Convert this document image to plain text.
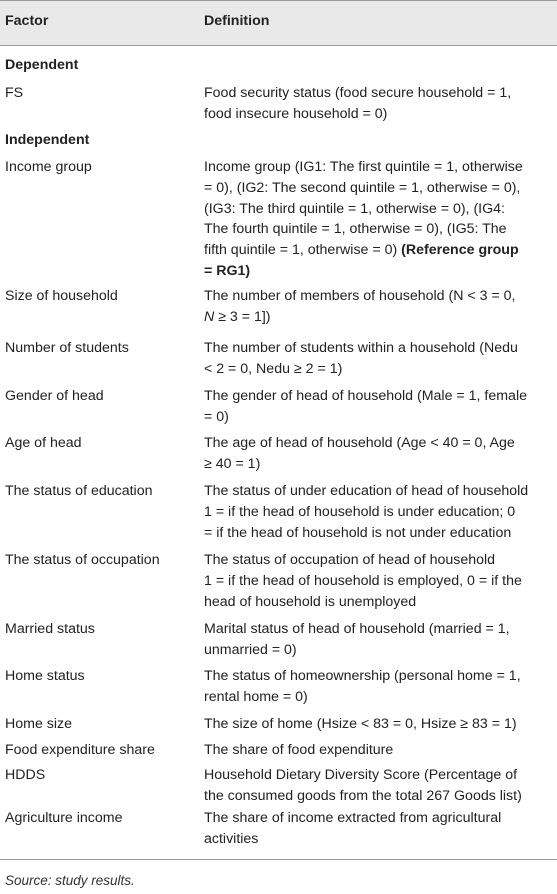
Factor	Definition
Dependent
FS	Food security status (food secure household = 1,
food insecure household = 0)
Independent
Income group	Income group (IG1: The first quintile = 1, otherwise
= 0), (IG2: The second quintile = 1, otherwise = 0),
(IG3: The third quintile = 1, otherwise = 0), (IG4:
The fourth quintile = 1, otherwise = 0), (IG5: The
fifth quintile = 1, otherwise = 0) (Reference group
= RG1)
Size of household	The number of members of household (N < 3 = 0,
N ≥ 3 = 1])
Number of students	The number of students within a household (Nedu
< 2 = 0, Nedu ≥ 2 = 1)
Gender of head	The gender of head of household (Male = 1, female
= 0)
Age of head	The age of head of household (Age < 40 = 0, Age
≥ 40 = 1)
The status of education	The status of under education of head of household
1 = if the head of household is under education; 0
= if the head of household is not under education
The status of occupation	The status of occupation of head of household
1 = if the head of household is employed, 0 = if the
head of household is unemployed
Married status	Marital status of head of household (married = 1,
unmarried = 0)
Home status	The status of homeownership (personal home = 1,
rental home = 0)
Home size	The size of home (Hsize < 83 = 0, Hsize ≥ 83 = 1)
Food expenditure share	The share of food expenditure
HDDS	Household Dietary Diversity Score (Percentage of
the consumed goods from the total 267 Goods list)
Agriculture income	The share of income extracted from agricultural
activities
Source: study results.
